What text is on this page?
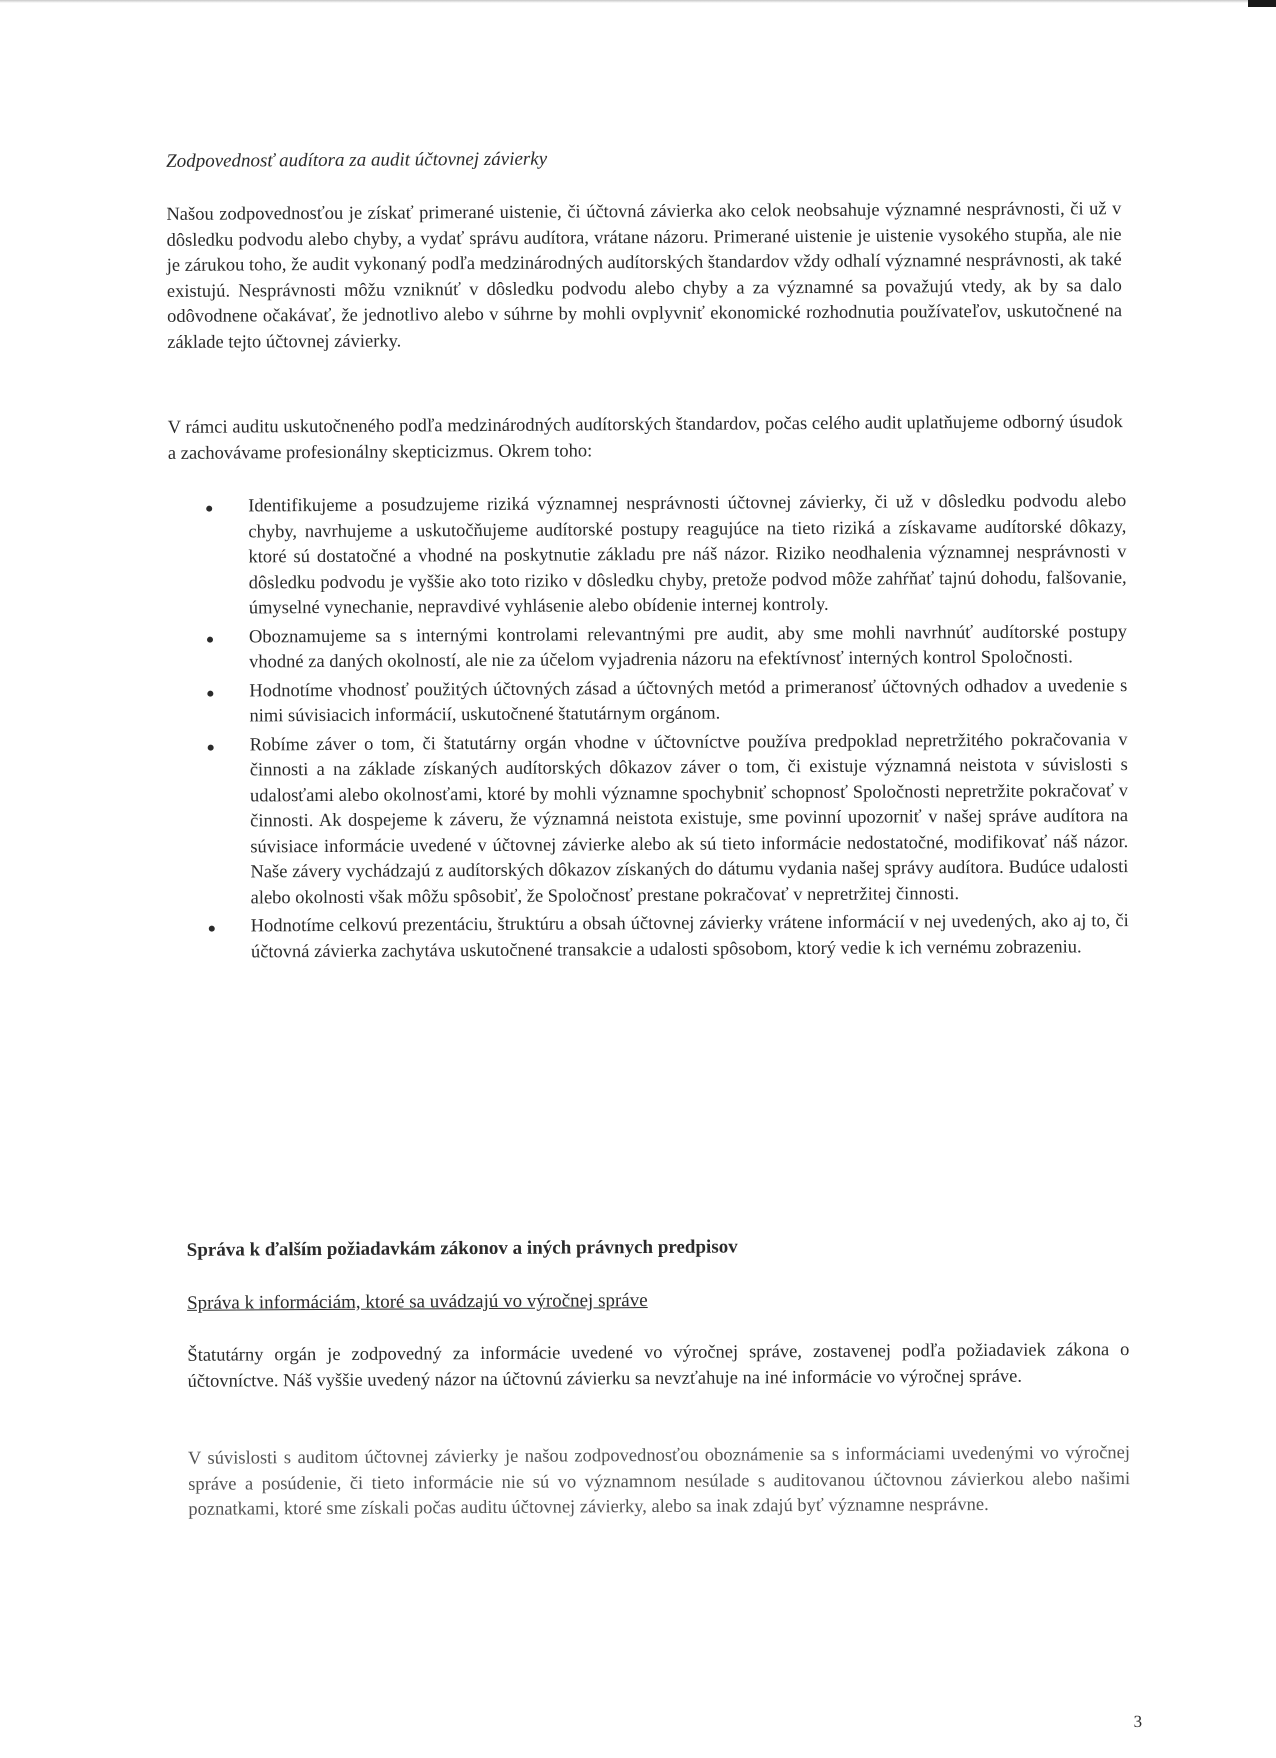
Zodpovednosť audítora za audit účtovnej závierky

Našou zodpovednosťou je získať primerané uistenie, či účtovná závierka ako celok neobsahuje významné nesprávnosti, či už v dôsledku podvodu alebo chyby, a vydať správu audítora, vrátane názoru. Primerané uistenie je uistenie vysokého stupňa, ale nie je zárukou toho, že audit vykonaný podľa medzinárodných audítorských štandardov vždy odhalí významné nesprávnosti, ak také existujú. Nesprávnosti môžu vzniknúť v dôsledku podvodu alebo chyby a za významné sa považujú vtedy, ak by sa dalo odôvodnene očakávať, že jednotlivo alebo v súhrne by mohli ovplyvniť ekonomické rozhodnutia používateľov, uskutočnené na základe tejto účtovnej závierky.

V rámci auditu uskutočneného podľa medzinárodných audítorských štandardov, počas celého audit uplatňujeme odborný úsudok a zachovávame profesionálny skepticizmus. Okrem toho:

Identifikujeme a posudzujeme riziká významnej nesprávnosti účtovnej závierky, či už v dôsledku podvodu alebo chyby, navrhujeme a uskutočňujeme audítorské postupy reagujúce na tieto riziká a získavame audítorské dôkazy, ktoré sú dostatočné a vhodné na poskytnutie základu pre náš názor. Riziko neodhalenia významnej nesprávnosti v dôsledku podvodu je vyššie ako toto riziko v dôsledku chyby, pretože podvod môže zahŕňať tajnú dohodu, falšovanie, úmyselné vynechanie, nepravdivé vyhlásenie alebo obídenie internej kontroly.
Oboznamujeme sa s internými kontrolami relevantnými pre audit, aby sme mohli navrhnúť audítorské postupy vhodné za daných okolností, ale nie za účelom vyjadrenia názoru na efektívnosť interných kontrol Spoločnosti.
Hodnotíme vhodnosť použitých účtovných zásad a účtovných metód a primeranosť účtovných odhadov a uvedenie s nimi súvisiacich informácií, uskutočnené štatutárnym orgánom.
Robíme záver o tom, či štatutárny orgán vhodne v účtovníctve používa predpoklad nepretržitého pokračovania v činnosti a na základe získaných audítorských dôkazov záver o tom, či existuje významná neistota v súvislosti s udalosťami alebo okolnosťami, ktoré by mohli významne spochybniť schopnosť Spoločnosti nepretržite pokračovať v činnosti. Ak dospejeme k záveru, že významná neistota existuje, sme povinní upozorniť v našej správe audítora na súvisiace informácie uvedené v účtovnej závierke alebo ak sú tieto informácie nedostatočné, modifikovať náš názor. Naše závery vychádzajú z audítorských dôkazov získaných do dátumu vydania našej správy audítora. Budúce udalosti alebo okolnosti však môžu spôsobiť, že Spoločnosť prestane pokračovať v nepretržitej činnosti.
Hodnotíme celkovú prezentáciu, štruktúru a obsah účtovnej závierky vrátene informácií v nej uvedených, ako aj to, či účtovná závierka zachytáva uskutočnené transakcie a udalosti spôsobom, ktorý vedie k ich vernému zobrazeniu.
Správa k ďalším požiadavkám zákonov a iných právnych predpisov
Správa k informáciám, ktoré sa uvádzajú vo výročnej správe

Štatutárny orgán je zodpovedný za informácie uvedené vo výročnej správe, zostavenej podľa požiadaviek zákona o účtovníctve. Náš vyššie uvedený názor na účtovnú závierku sa nevzťahuje na iné informácie vo výročnej správe.

V súvislosti s auditom účtovnej závierky je našou zodpovednosťou oboznámenie sa s informáciami uvedenými vo výročnej správe a posúdenie, či tieto informácie nie sú vo významnom nesúlade s auditovanou účtovnou závierkou alebo našimi poznatkami, ktoré sme získali počas auditu účtovnej závierky, alebo sa inak zdajú byť významne nesprávne.

3
